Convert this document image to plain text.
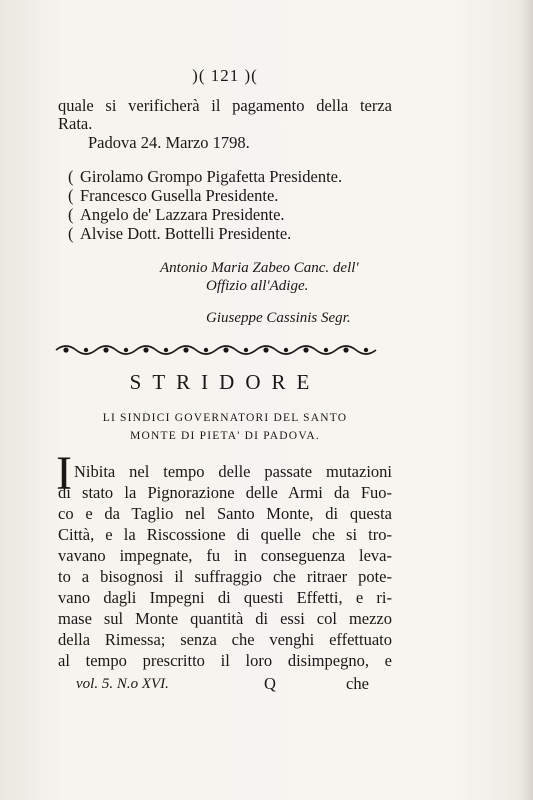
)( 121 )(
quale si verificherà il pagamento della terza
Rata.
Padova 24. Marzo 1798.
( Girolamo Grompo Pigafetta Presidente.
( Francesco Gusella Presidente.
( Angelo de' Lazzara Presidente.
( Alvise Dott. Bottelli Presidente.
Antonio Maria Zabeo Canc. dell'
Offizio all'Adige.
Giuseppe Cassinis Segr.
STRIDORE
LI SINDICI GOVERNATORI DEL SANTO
MONTE DI PIETA' DI PADOVA.
I Nibita nel tempo delle passate mutazioni
di stato la Pignorazione delle Armi da Fuo-
co e da Taglio nel Santo Monte, di questa
Città, e la Riscossione di quelle che si tro-
vavano impegnate, fu in conseguenza leva-
to a bisognosi il suffraggio che ritraer pote-
vano dagli Impegni di questi Effetti, e ri-
mase sul Monte quantità di essi col mezzo
della Rimessa; senza che venghi effettuato
al tempo prescritto il loro disimpegno, e
vol. 5. N.o XVI.	Q	che
